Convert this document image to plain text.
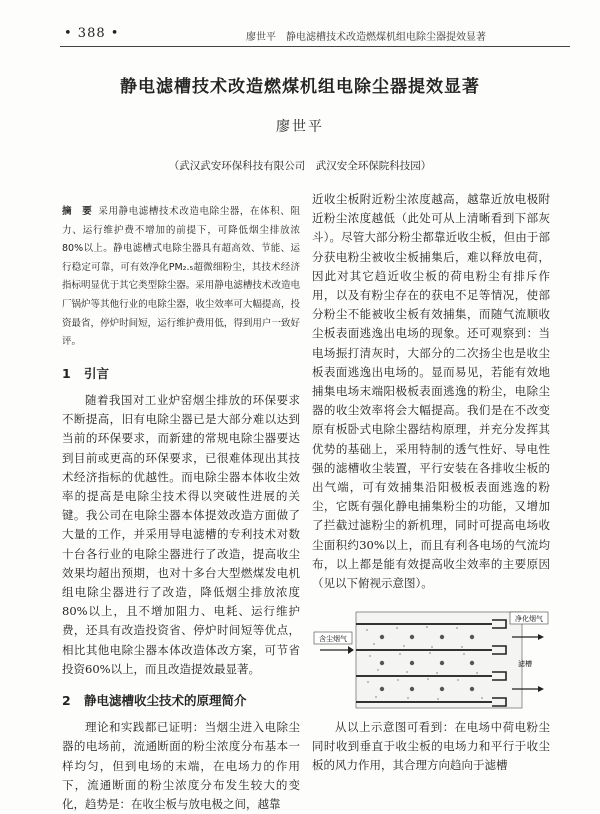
• 388 •	廖世平　静电滤槽技术改造燃煤机组电除尘器提效显著
静电滤槽技术改造燃煤机组电除尘器提效显著
廖世平
（武汉武安环保科技有限公司　武汉安全环保院科技园）
摘　要 采用静电滤槽技术改造电除尘器，在体积、阻力、运行维护费不增加的前提下，可降低烟尘排放浓80%以上。静电滤槽式电除尘器具有超高效、节能、运行稳定可靠，可有效净化PM₂.₅超微细粉尘，其技术经济指标明显优于其它类型除尘器。采用静电滤槽技术改造电厂锅炉等其他行业的电除尘器，收尘效率可大幅提高，投资最省，停炉时间短，运行维护费用低，得到用户一致好评。
1 引言

随着我国对工业炉窑烟尘排放的环保要求不断提高，旧有电除尘器已是大部分难以达到当前的环保要求，而新建的常规电除尘器要达到目前或更高的环保要求，已很难体现出其技术经济指标的优越性。而电除尘器本体收尘效率的提高是电除尘技术得以突破性进展的关键。我公司在电除尘器本体提效改造方面做了大量的工作，并采用导电滤槽的专利技术对数十台各行业的电除尘器进行了改造，提高收尘效果均超出预期，也对十多台大型燃煤发电机组电除尘器进行了改造，降低烟尘排放浓度80%以上，且不增加阻力、电耗、运行维护费，还具有改造投资省、停炉时间短等优点，相比其他电除尘器本体改造体改方案，可节省投资60%以上，而且改造提效最显著。

2 静电滤槽收尘技术的原理简介

理论和实践都已证明：当烟尘进入电除尘器的电场前，流通断面的粉尘浓度分布基本一样均匀，但到电场的末端，在电场力的作用下，流通断面的粉尘浓度分布发生较大的变化，趋势是：在收尘板与放电极之间，越靠

近收尘板附近粉尘浓度越高，越靠近放电极附近粉尘浓度越低（此处可从上清晰看到下部灰斗）。尽管大部分粉尘都靠近收尘板，但由于部分获电粉尘被收尘板捕集后，难以释放电荷，因此对其它趋近收尘板的荷电粉尘有排斥作用，以及有粉尘存在的获电不足等情况，使部分粉尘不能被收尘板有效捕集，而随气流顺收尘板表面逃逸出电场的现象。还可观察到：当电场振打清灰时，大部分的二次扬尘也是收尘板表面逃逸出电场的。显而易见，若能有效地捕集电场末端阳极板表面逃逸的粉尘，电除尘器的收尘效率将会大幅提高。我们是在不改变原有板卧式电除尘器结构原理，并充分发挥其优势的基础上，采用特制的透气性好、导电性强的滤槽收尘装置，平行安装在各排收尘板的出气端，可有效捕集沿阳极板表面逃逸的粉尘，它既有强化静电捕集粉尘的功能，又增加了拦截过滤粉尘的新机理，同时可提高电场收尘面积约30%以上，而且有利各电场的气流均布，以上都是能有效提高收尘效率的主要原因（见以下俯视示意图）。

含尘烟气
净化烟气
滤槽

从以上示意图可看到：在电场中荷电粉尘同时收到垂直于收尘板的电场力和平行于收尘板的风力作用，其合理方向趋向于滤槽
